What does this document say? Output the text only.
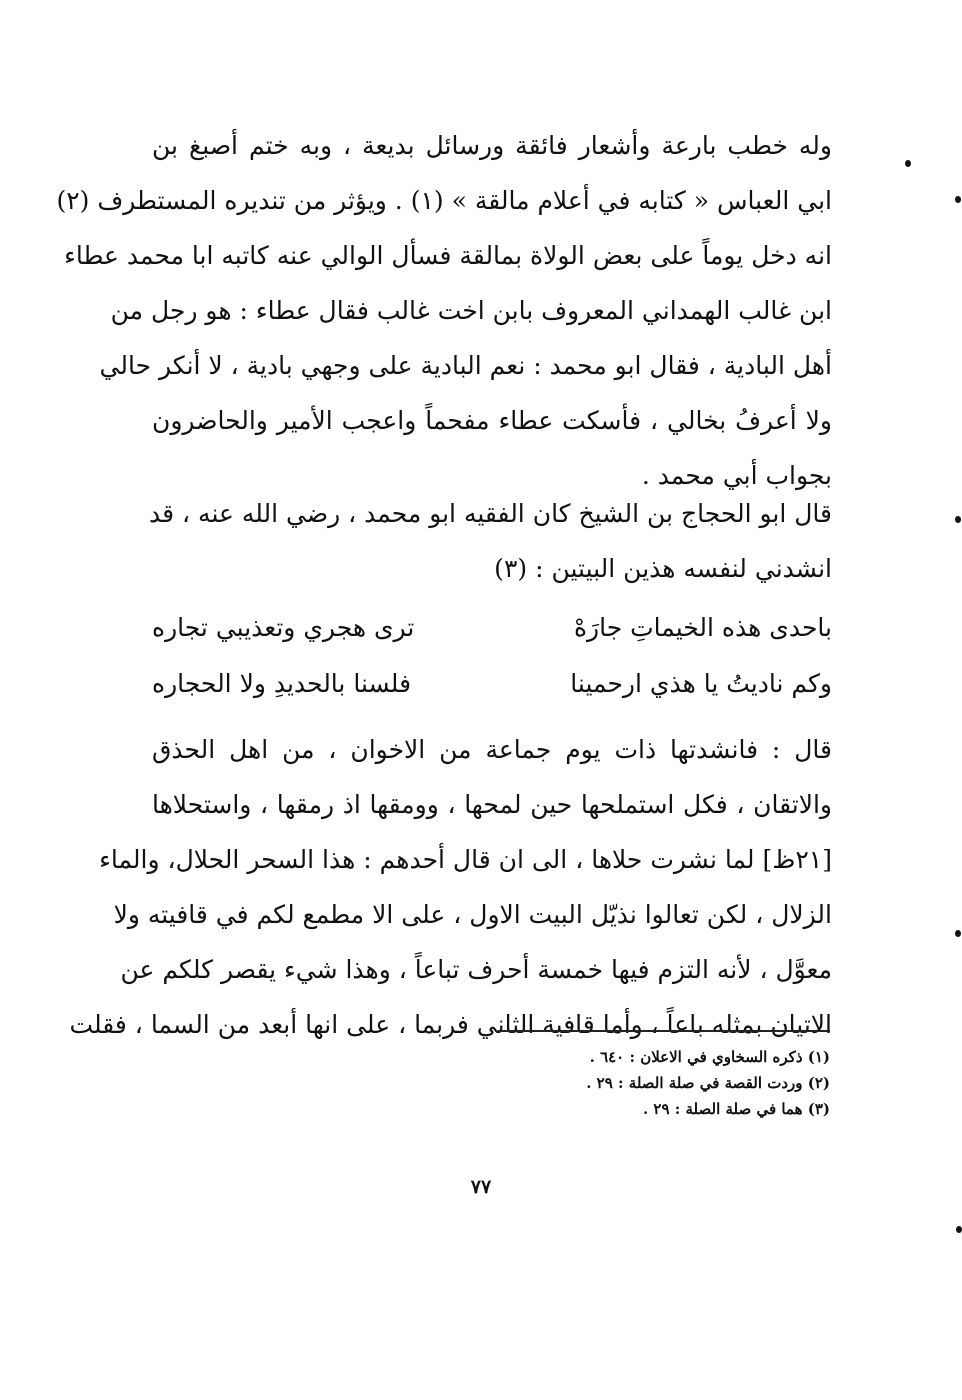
وله خطب بارعة وأشعار فائقة ورسائل بديعة ، وبه ختم أصبغ بن
ابي العباس « كتابه في أعلام مالقة » (١) . ويؤثر من تنديره المستطرف (٢)
انه دخل يوماً على بعض الولاة بمالقة فسأل الوالي عنه كاتبه ابا محمد عطاء
ابن غالب الهمداني المعروف بابن اخت غالب فقال عطاء : هو رجل من
أهل البادية ، فقال ابو محمد : نعم البادية على وجهي بادية ، لا أنكر حالي
ولا أعرفُ بخالي ، فأسكت عطاء مفحماً واعجب الأمير والحاضرون
بجواب أبي محمد .
قال ابو الحجاج بن الشيخ كان الفقيه ابو محمد ، رضي الله عنه ، قد
انشدني لنفسه هذين البيتين : (٣)
باحدى هذه الخيماتِ جارَهْ
ترى هجري وتعذيبي تجاره
وكم ناديتُ يا هذي ارحمينا
فلسنا بالحديدِ ولا الحجاره
قال : فانشدتها ذات يوم جماعة من الاخوان ، من اهل الحذق
والاتقان ، فكل استملحها حين لمحها ، وومقها اذ رمقها ، واستحلاها
[٢١ظ] لما نشرت حلاها ، الى ان قال أحدهم : هذا السحر الحلال، والماء
الزلال ، لكن تعالوا نذيّل البيت الاول ، على الا مطمع لكم في قافيته ولا
معوَّل ، لأنه التزم فيها خمسة أحرف تباعاً ، وهذا شيء يقصر كلكم عن
الاتيان بمثله باعاً ، وأما قافية الثاني فربما ، على انها أبعد من السما ، فقلت
(١) ذكره السخاوي في الاعلان : ٦٤٠ .
(٢) وردت القصة في صلة الصلة : ٢٩ .
(٣) هما في صلة الصلة : ٢٩ .
٧٧
